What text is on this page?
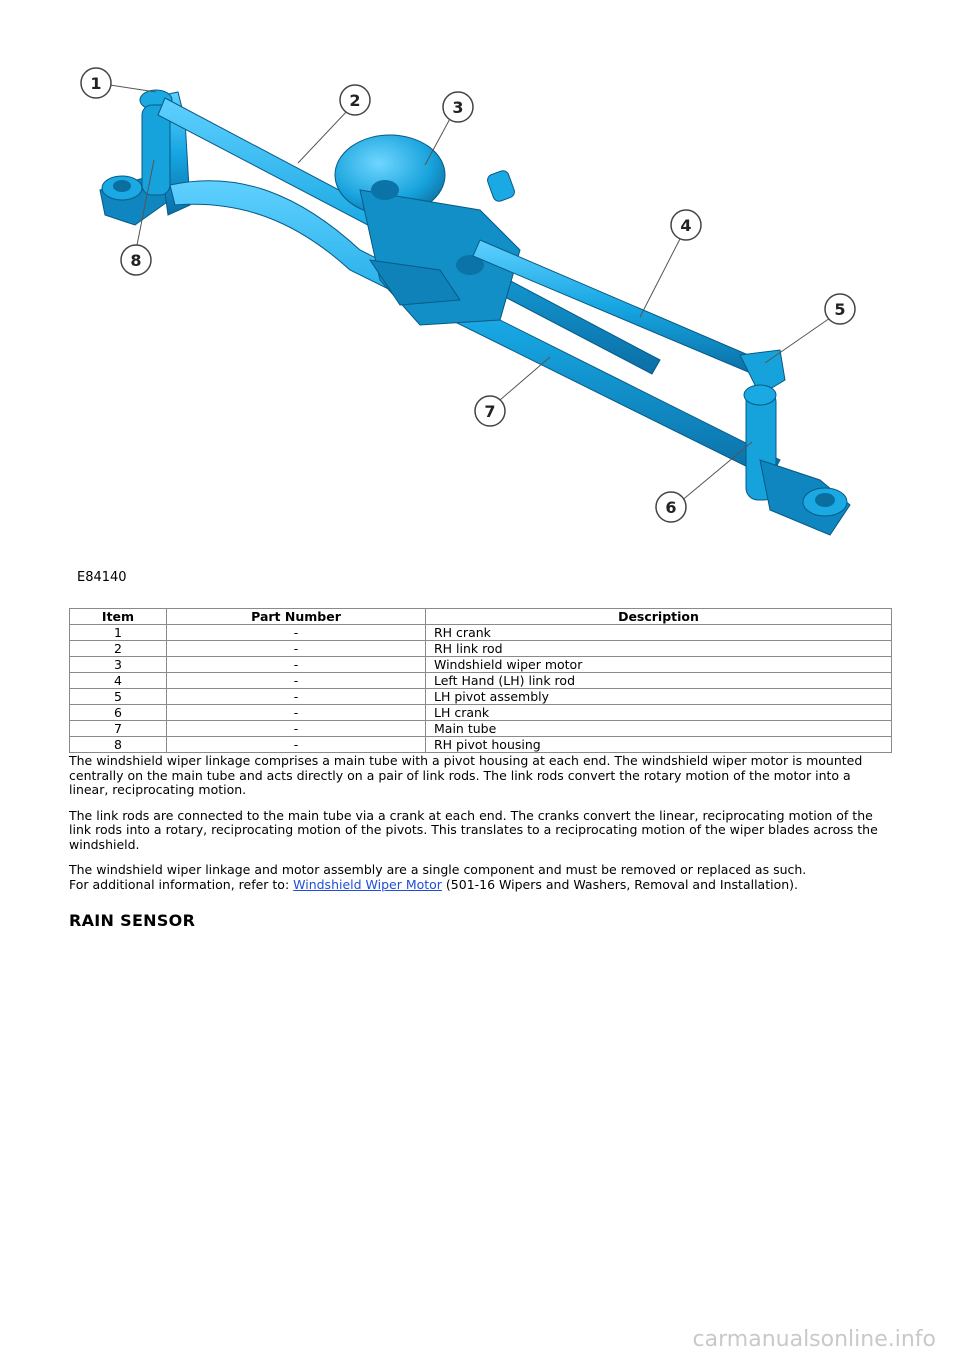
1
2	3
4
5
6
7
8
E84140
Item	Part Number	Description
1	-	RH crank
2	-	RH link rod
3	-	Windshield wiper motor
4	-	Left Hand (LH) link rod
5	-	LH pivot assembly
6	-	LH crank
7	-	Main tube
8	-	RH pivot housing

The windshield wiper linkage comprises a main tube with a pivot housing at each end. The windshield wiper motor is mounted centrally on the main tube and acts directly on a pair of link rods. The link rods convert the rotary motion of the motor into a linear, reciprocating motion.

The link rods are connected to the main tube via a crank at each end. The cranks convert the linear, reciprocating motion of the link rods into a rotary, reciprocating motion of the pivots. This translates to a reciprocating motion of the wiper blades across the windshield.

The windshield wiper linkage and motor assembly are a single component and must be removed or replaced as such.
For additional information, refer to: Windshield Wiper Motor (501-16 Wipers and Washers, Removal and Installation).

RAIN SENSOR
carmanualsonline.info
